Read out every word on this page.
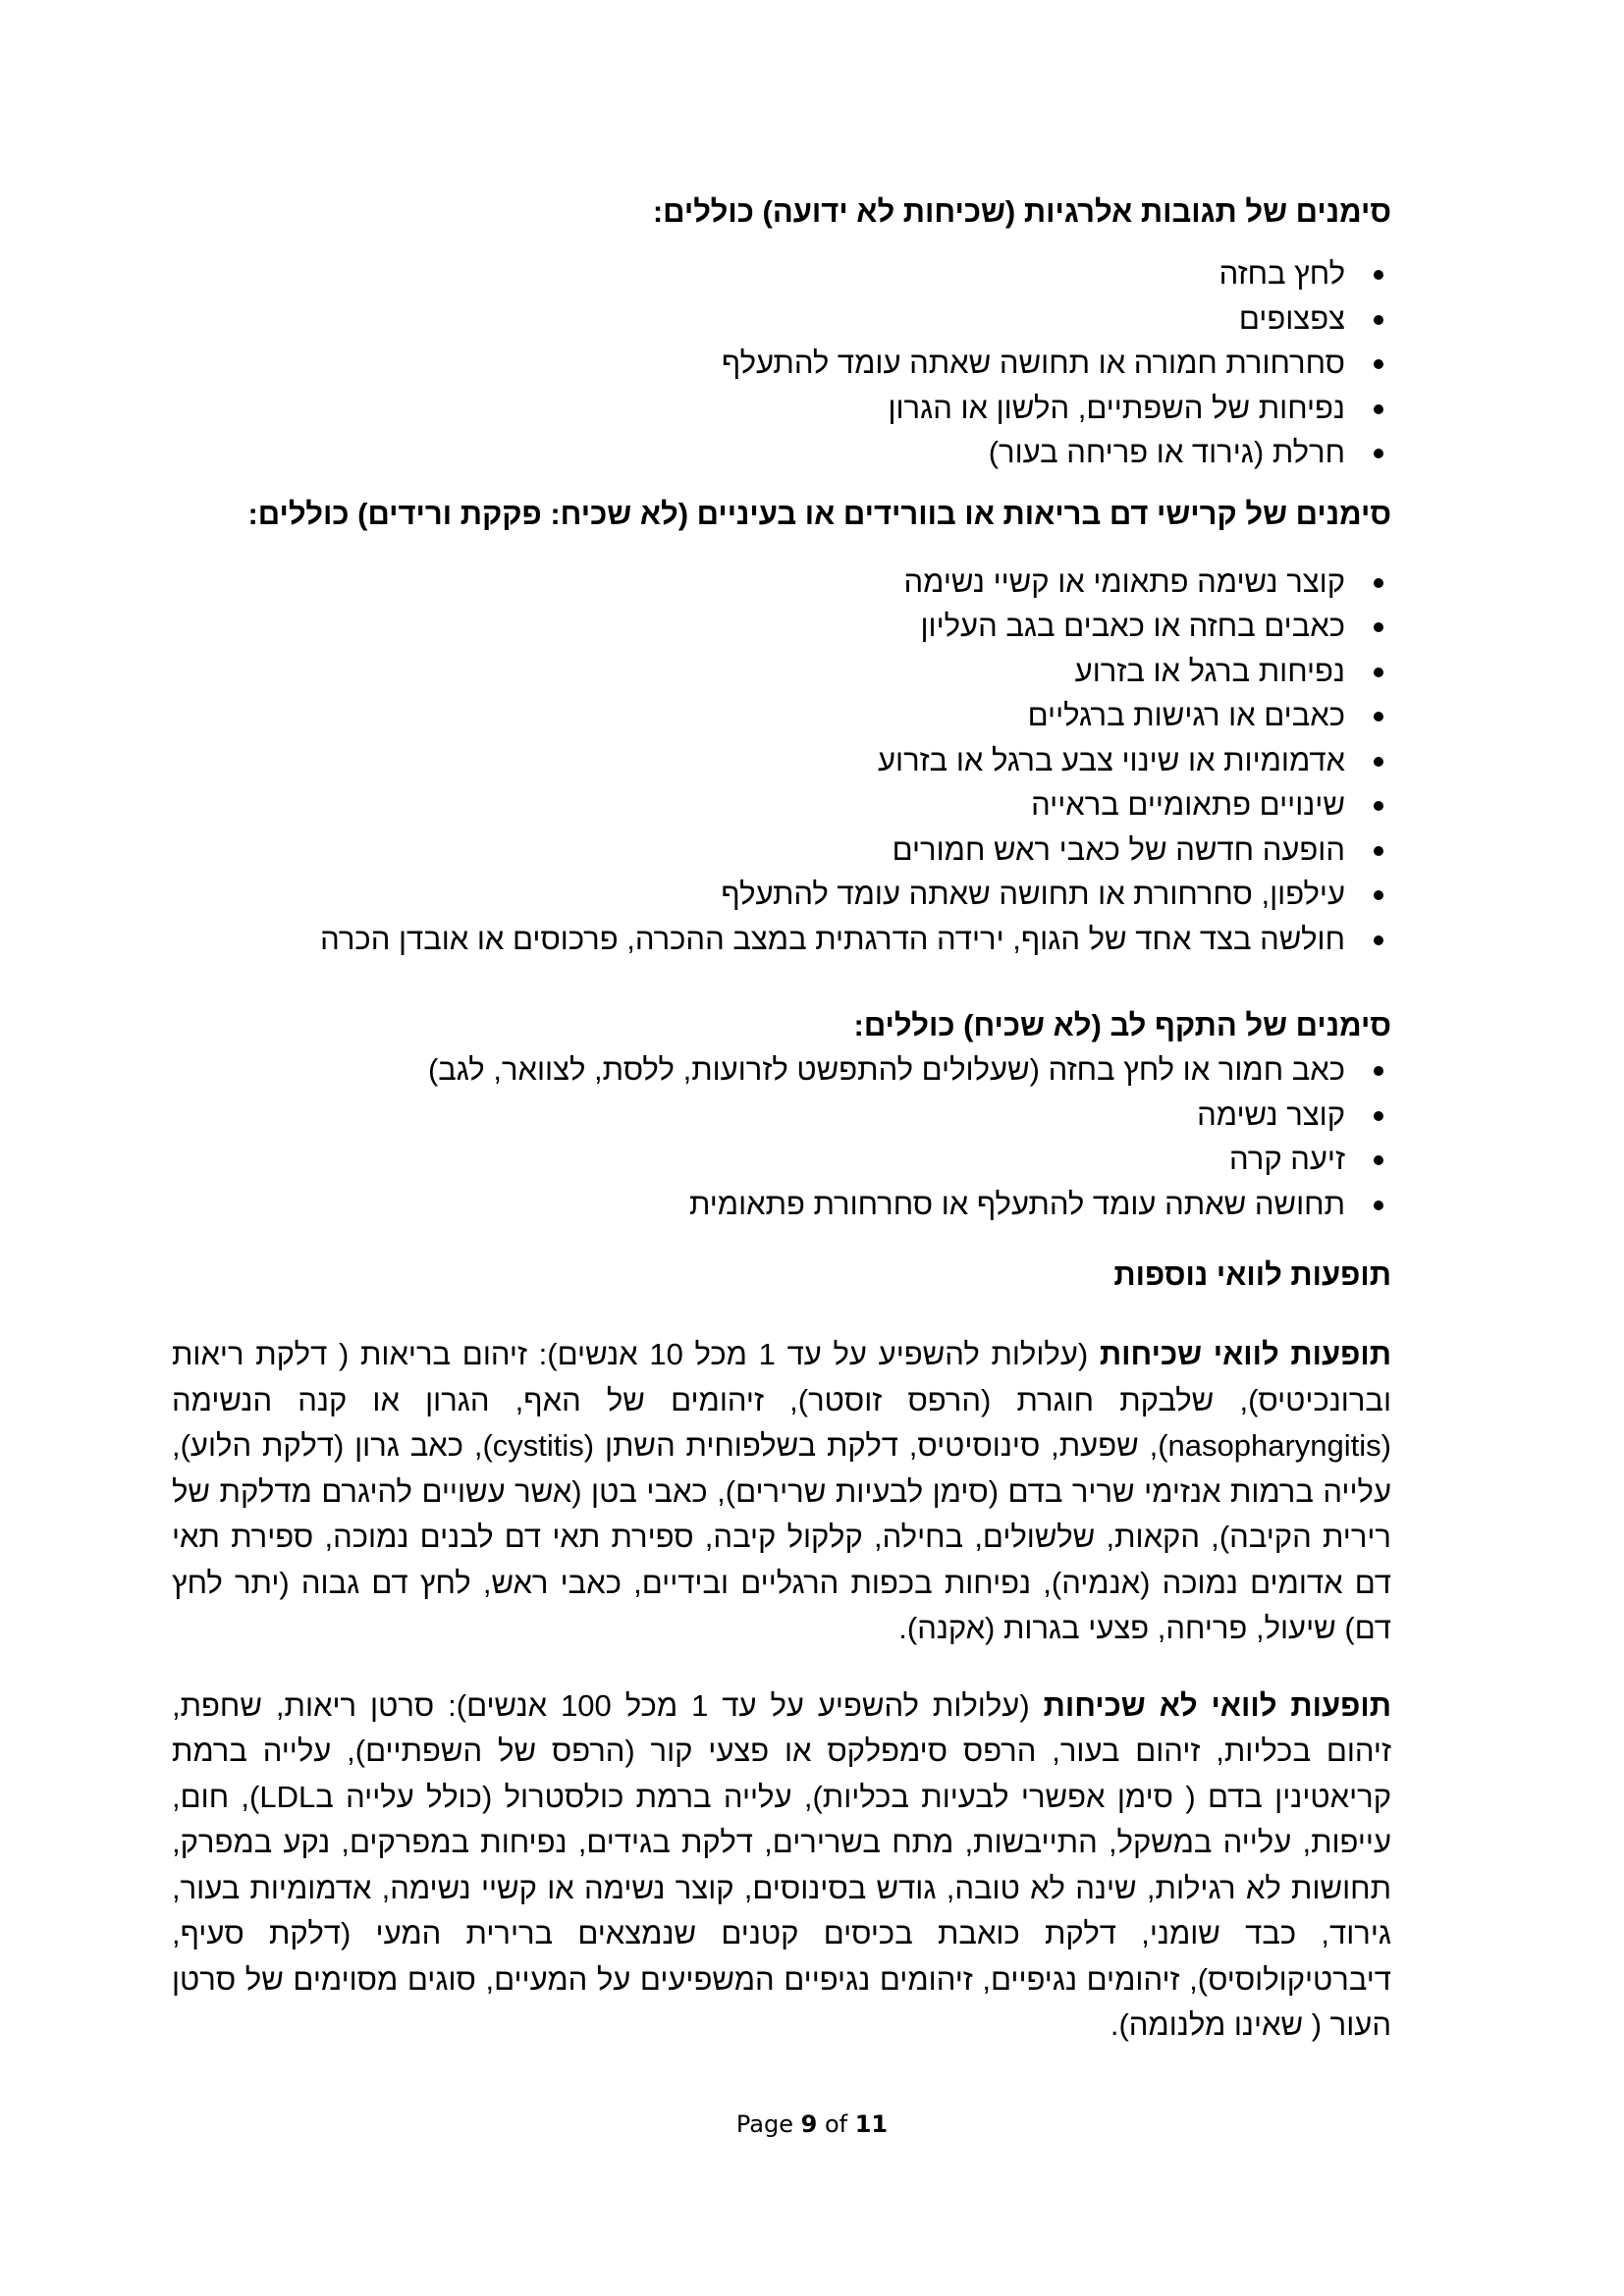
סימנים של תגובות אלרגיות (שכיחות לא ידועה) כוללים:
לחץ בחזה
צפצופים
סחרחורת חמורה או תחושה שאתה עומד להתעלף
נפיחות של השפתיים, הלשון או הגרון
חרלת (גירוד או פריחה בעור)
סימנים של קרישי דם בריאות או בוורידים או בעיניים (לא שכיח: פקקת ורידים) כוללים:
קוצר נשימה פתאומי או קשיי נשימה
כאבים בחזה או כאבים בגב העליון
נפיחות ברגל או בזרוע
כאבים או רגישות ברגליים
אדמומיות או שינוי צבע ברגל או בזרוע
שינויים פתאומיים בראייה
הופעה חדשה של כאבי ראש חמורים
עילפון, סחרחורת או תחושה שאתה עומד להתעלף
חולשה בצד אחד של הגוף, ירידה הדרגתית במצב ההכרה, פרכוסים או אובדן הכרה
סימנים של התקף לב (לא שכיח) כוללים:
כאב חמור או לחץ בחזה (שעלולים להתפשט לזרועות, ללסת, לצוואר, לגב)
קוצר נשימה
זיעה קרה
תחושה שאתה עומד להתעלף או סחרחורת פתאומית
תופעות לוואי נוספות

תופעות לוואי שכיחות (עלולות להשפיע על עד 1 מכל 10 אנשים): זיהום בריאות ( דלקת ריאות וברונכיטיס), שלבקת חוגרת (הרפס זוסטר), זיהומים של האף, הגרון או קנה הנשימה (nasopharyngitis), שפעת, סינוסיטיס, דלקת בשלפוחית השתן (cystitis), כאב גרון (דלקת הלוע), עלייה ברמות אנזימי שריר בדם (סימן לבעיות שרירים), כאבי בטן (אשר עשויים להיגרם מדלקת של רירית הקיבה), הקאות, שלשולים, בחילה, קלקול קיבה, ספירת תאי דם לבנים נמוכה, ספירת תאי דם אדומים נמוכה (אנמיה), נפיחות בכפות הרגליים ובידיים, כאבי ראש, לחץ דם גבוה (יתר לחץ דם) שיעול, פריחה, פצעי בגרות (אקנה).

תופעות לוואי לא שכיחות (עלולות להשפיע על עד 1 מכל 100 אנשים): סרטן ריאות, שחפת, זיהום בכליות, זיהום בעור, הרפס סימפלקס או פצעי קור (הרפס של השפתיים), עלייה ברמת קריאטינין בדם ( סימן אפשרי לבעיות בכליות), עלייה ברמת כולסטרול (כולל עלייה בLDL), חום, עייפות, עלייה במשקל, התייבשות, מתח בשרירים, דלקת בגידים, נפיחות במפרקים, נקע במפרק, תחושות לא רגילות, שינה לא טובה, גודש בסינוסים, קוצר נשימה או קשיי נשימה, אדמומיות בעור, גירוד, כבד שומני, דלקת כואבת בכיסים קטנים שנמצאים ברירית המעי (דלקת סעיף, דיברטיקולוסיס), זיהומים נגיפיים, זיהומים נגיפיים המשפיעים על המעיים, סוגים מסוימים של סרטן העור ( שאינו מלנומה).

Page 9 of 11
